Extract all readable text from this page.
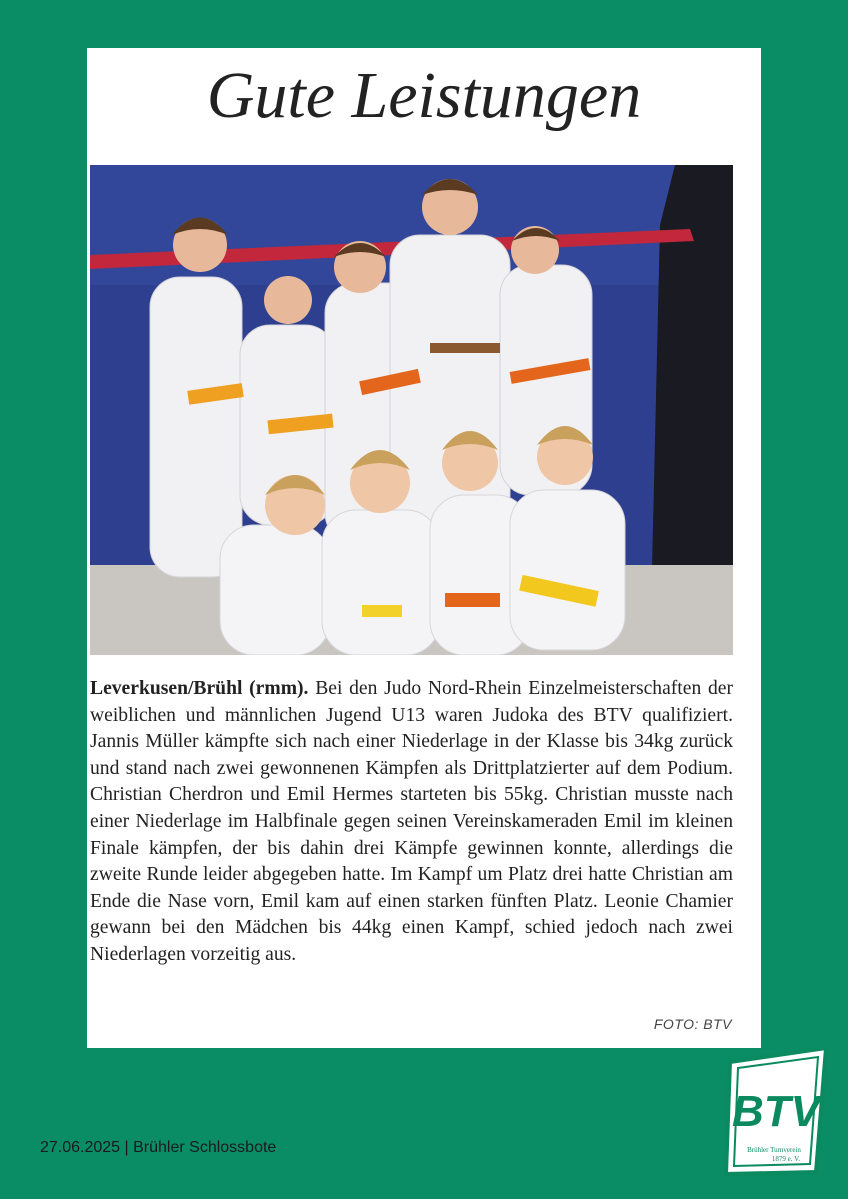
Gute Leistungen

Leverkusen/Brühl (rmm). Bei den Judo Nord-Rhein Einzelmeisterschaften der weiblichen und männlichen Jugend U13 waren Judoka des BTV qualifiziert. Jannis Müller kämpfte sich nach einer Niederlage in der Klasse bis 34kg zurück und stand nach zwei gewonnenen Kämpfen als Drittplatzierter auf dem Podium. Christian Cherdron und Emil Hermes starteten bis 55kg. Christian musste nach einer Niederlage im Halbfinale gegen seinen Vereinskameraden Emil im kleinen Finale kämpfen, der bis dahin drei Kämpfe gewinnen konnte, allerdings die zweite Runde leider abgegeben hatte. Im Kampf um Platz drei hatte Christian am Ende die Nase vorn, Emil kam auf einen starken fünften Platz. Leonie Chamier gewann bei den Mädchen bis 44kg einen Kampf, schied jedoch nach zwei Niederlagen vorzeitig aus.

FOTO: BTV
27.06.2025 | Brühler Schlossbote
BTV
Brühler Turnverein
1879 e. V.
